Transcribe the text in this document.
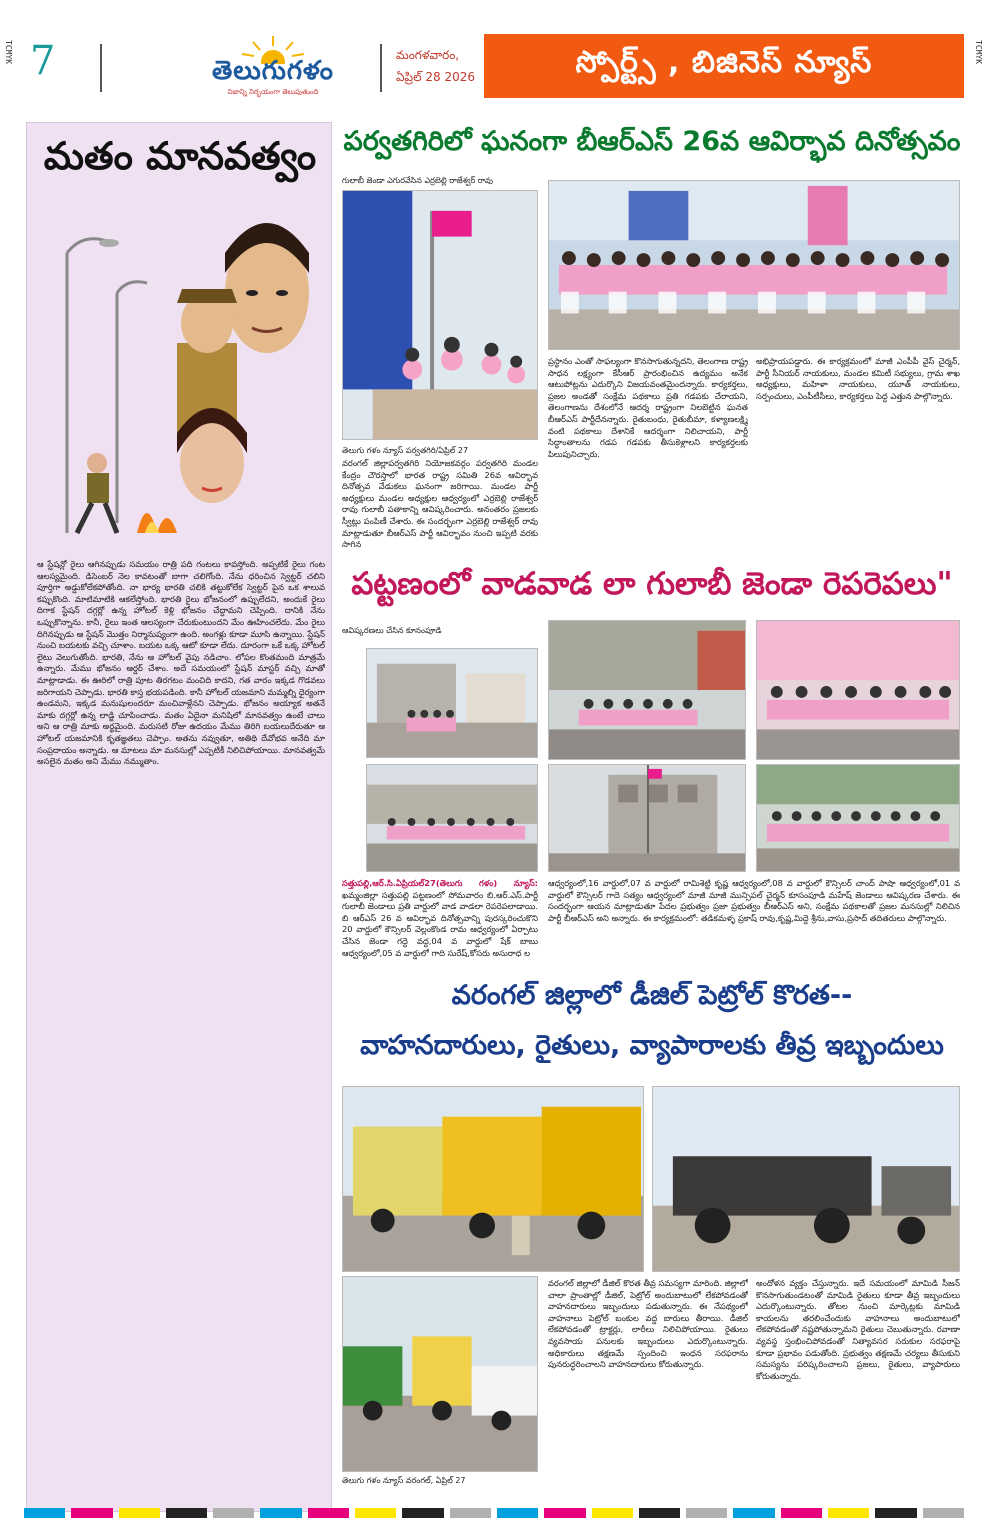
TCMYK	TCMYK
7	తెలుగుగళం
నిజాన్ని నిర్భయంగా తెలుపుతుంది
మంగళవారం,
ఏప్రిల్ 28 2026	స్పోర్ట్స్ , బిజినెస్ న్యూస్
మతం మానవత్వం
ఆ స్టేషన్లో రైలు ఆగినప్పుడు సమయం రాత్రి పది గంటలు కావస్తోంది. అప్పటికే రైలు గంట ఆలస్యమైంది. డిసెంబర్ నెల కావటంతో బాగా చలిగోంది. నేను ధరించిన స్వెట్టర్ చలిని పూర్తిగా అడ్డుకోలేకపోతోంది. నా భార్య భారతి చలికి తట్టుకోలేక స్వెట్టర్ పైన ఒక శాలువ కప్పుకొంది. మాటిమాటికి ఆకలేస్తోంది. భారతి రైలు భోజనంలో ఉప్పులేదని, అందుకే రైలు దిగాక స్టేషన్ దగ్గర్లో ఉన్న హోటల్ కెళ్లి భోజనం చేద్దామని చెప్పింది. దానికి నేను ఒప్పుకొన్నాను. కానీ, రైలు ఇంత ఆలస్యంగా చేరుకుంటుందని మేం ఊహించలేదు. మేం రైలు దిగినప్పుడు ఆ స్టేషన్ మొత్తం నిర్మానుష్యంగా ఉంది. అంగళ్లు కూడా మూసి ఉన్నాయి. స్టేషన్ నుంచి బయటకు వచ్చి చూశాం. బయట ఒక్క ఆటో కూడా లేదు. దూరంగా ఒకే ఒక్క హోటల్ లైటు వెలుగుతోంది. భారతి, నేను ఆ హోటల్ వైపు నడిచాం. లోపల కొంతమంది మాత్రమే ఉన్నారు. మేము భోజనం ఆర్డర్ చేశాం. అదే సమయంలో స్టేషన్ మాస్టర్ వచ్చి మాతో మాట్లాడాడు. ఈ ఊరిలో రాత్రి పూట తిరగటం మంచిది కాదని, గత వారం ఇక్కడ గొడవలు జరిగాయని చెప్పాడు. భారతి కాస్త భయపడింది. కానీ హోటల్ యజమాని మమ్మల్ని ధైర్యంగా ఉండమని, ఇక్కడ మనుషులందరూ మంచివాళ్లేనని చెప్పాడు. భోజనం అయ్యాక అతనే మాకు దగ్గర్లో ఉన్న లాడ్జి చూపించాడు. మతం ఏదైనా మనిషిలో మానవత్వం ఉంటే చాలు అని ఆ రాత్రి మాకు అర్థమైంది. మరుసటి రోజు ఉదయం మేము తిరిగి బయలుదేరుతూ ఆ హోటల్ యజమానికి కృతజ్ఞతలు చెప్పాం. అతను నవ్వుతూ, అతిథి దేవోభవ అనేది మా సంప్రదాయం అన్నాడు. ఆ మాటలు మా మనసుల్లో ఎప్పటికీ నిలిచిపోయాయి. మానవత్వమే అసలైన మతం అని మేము నమ్ముతాం.
పర్వతగిరిలో ఘనంగా బీఆర్ఎస్ 26వ ఆవిర్భావ దినోత్సవం
గులాబీ జెండా ఎగురవేసిన ఎర్రబెల్లి రాజేశ్వర్ రావు
తెలుగు గళం న్యూస్ పర్వతగిరి/ఏప్రిల్ 27
వరంగల్ జిల్లాపర్వతగిరి నియోజకవర్గం పర్వతగిరి మండల కేంద్రం చౌరస్తాలో భారత రాష్ట్ర సమితి 26వ ఆవిర్భావ దినోత్సవ వేడుకలు ఘనంగా జరిగాయి. మండల పార్టీ అధ్యక్షులు మండల అధ్యక్షుల ఆధ్వర్యంలో ఎర్రబెల్లి రాజేశ్వర్ రావు గులాబీ పతాకాన్ని ఆవిష్కరించారు. అనంతరం ప్రజలకు స్వీట్లు పంపిణీ చేశారు. ఈ సందర్భంగా ఎర్రబెల్లి రాజేశ్వర్ రావు మాట్లాడుతూ బీఆర్ఎస్ పార్టీ ఆవిర్భావం నుంచి ఇప్పటి వరకు సాగిన
ప్రస్థానం ఎంతో సాఫల్యంగా కొనసాగుతున్నదని, తెలంగాణ రాష్ట్ర సాధన లక్ష్యంగా కేసీఆర్ ప్రారంభించిన ఉద్యమం అనేక ఆటుపోట్లను ఎదుర్కొని విజయవంతమైందన్నారు. కార్యకర్తలు, ప్రజల అండతో సంక్షేమ పథకాలు ప్రతి గడపకు చేరాయని, తెలంగాణను దేశంలోనే ఆదర్శ రాష్ట్రంగా నిలబెట్టిన ఘనత బీఆర్ఎస్ పార్టీదేనన్నారు. రైతుబంధు, రైతుబీమా, కళ్యాణలక్ష్మి వంటి పథకాలు దేశానికే ఆదర్శంగా నిలిచాయని, పార్టీ సిద్ధాంతాలను గడప గడపకు తీసుకెళ్లాలని కార్యకర్తలకు పిలుపునిచ్చారు.
అభిప్రాయపడ్డారు. ఈ కార్యక్రమంలో మాజీ ఎంపీపీ వైస్ చైర్మన్, పార్టీ సీనియర్ నాయకులు, మండల కమిటీ సభ్యులు, గ్రామ శాఖ అధ్యక్షులు, మహిళా నాయకులు, యూత్ నాయకులు, సర్పంచులు, ఎంపీటీసీలు, కార్యకర్తలు పెద్ద ఎత్తున పాల్గొన్నారు.
పట్టణంలో వాడవాడ లా గులాబీ జెండా రెపరెపలు"
ఆవిష్కరణలు చేసిన కూనంపూడి
సత్తుపల్లి,ఆర్.సి.ఏప్రియల్27(తెలుగు గళం) న్యూస్: ఖమ్మంజిల్లా సత్తుపల్లి పట్టణంలో సోమవారం బి.ఆర్.ఎస్.పార్టీ గులాబీ జెండాలు ప్రతి వార్డులో వాడ వాడలా రెపరెపలాడాయి. బి ఆర్ఎస్ 26 వ ఆవిర్భావ దినోత్సవాన్ని పురస్కరించుకొని 20 వార్డులో కౌన్సిలర్ వెల్లంకొండ రామ ఆధ్వర్యంలో ఏర్పాటు చేసిన జెండా గద్దె వద్ద,04 వ వార్డులో షేక్ బాబు ఆధ్వర్యంలో,05 వ వార్డులో గాది సురేష్,కోసరు అసురాధ ల
ఆధ్వర్యంలో,16 వార్డులో,07 వ వార్డులో రామిశెట్టి కృష్ణ ఆధ్వర్యంలో,08 వ వార్డులో కౌన్సిలర్ చాంద్ పాషా ఆధ్వర్యంలో,01 వ వార్డులో కౌన్సిలర్ గాదె సత్యం ఆధ్వర్యంలో మాజీ మాజీ మున్సిపల్ చైర్మన్ కూసంపూడి మహేష్ జెండాలు ఆవిష్కరణ చేశారు. ఈ సందర్భంగా ఆయన మాట్లాడుతూ పేదల ప్రభుత్వం ప్రజా ప్రభుత్వం బీఆర్ఎస్ అని, సంక్షేమ పథకాలతో ప్రజల మనసుల్లో నిలిచిన పార్టీ బీఆర్ఎస్ అని అన్నారు. ఈ కార్యక్రమంలో: తడికమళ్ళ ప్రకాష్ రావు,కృష్ణ,మిద్దె శ్రీను,వాసు,ప్రసాద్ తదితరులు పాల్గొన్నారు.
వరంగల్ జిల్లాలో డీజిల్ పెట్రోల్ కొరత--
వాహనదారులు, రైతులు, వ్యాపారాలకు తీవ్ర ఇబ్బందులు
తెలుగు గళం న్యూస్ వరంగల్, ఏప్రిల్ 27
వరంగల్ జిల్లాలో డీజిల్ కొరత తీవ్ర సమస్యగా మారింది. జిల్లాలో చాలా ప్రాంతాల్లో డీజిల్, పెట్రోల్ అందుబాటులో లేకపోవడంతో వాహనదారులు ఇబ్బందులు పడుతున్నారు. ఈ నేపథ్యంలో వాహనాలు పెట్రోల్ బంకుల వద్ద బారులు తీరాయి. డీజిల్ లేకపోవడంతో ట్రాక్టర్లు, లారీలు నిలిచిపోయాయి. రైతులు వ్యవసాయ పనులకు ఇబ్బందులు ఎదుర్కొంటున్నారు. అధికారులు తక్షణమే స్పందించి ఇంధన సరఫరాను పునరుద్ధరించాలని వాహనదారులు కోరుతున్నారు.
అందోళన వ్యక్తం చేస్తున్నారు. ఇదే సమయంలో మామిడి సీజన్ కొనసాగుతుండటంతో మామిడి రైతులు కూడా తీవ్ర ఇబ్బందులు ఎదుర్కొంటున్నారు. తోటల నుంచి మార్కెట్లకు మామిడి కాయలను తరలించేందుకు వాహనాలు అందుబాటులో లేకపోవడంతో నష్టపోతున్నామని రైతులు చెబుతున్నారు. రవాణా వ్యవస్థ స్తంభించిపోవడంతో నిత్యావసర సరుకుల సరఫరాపై కూడా ప్రభావం పడుతోంది. ప్రభుత్వం తక్షణమే చర్యలు తీసుకుని సమస్యను పరిష్కరించాలని ప్రజలు, రైతులు, వ్యాపారులు కోరుతున్నారు.
